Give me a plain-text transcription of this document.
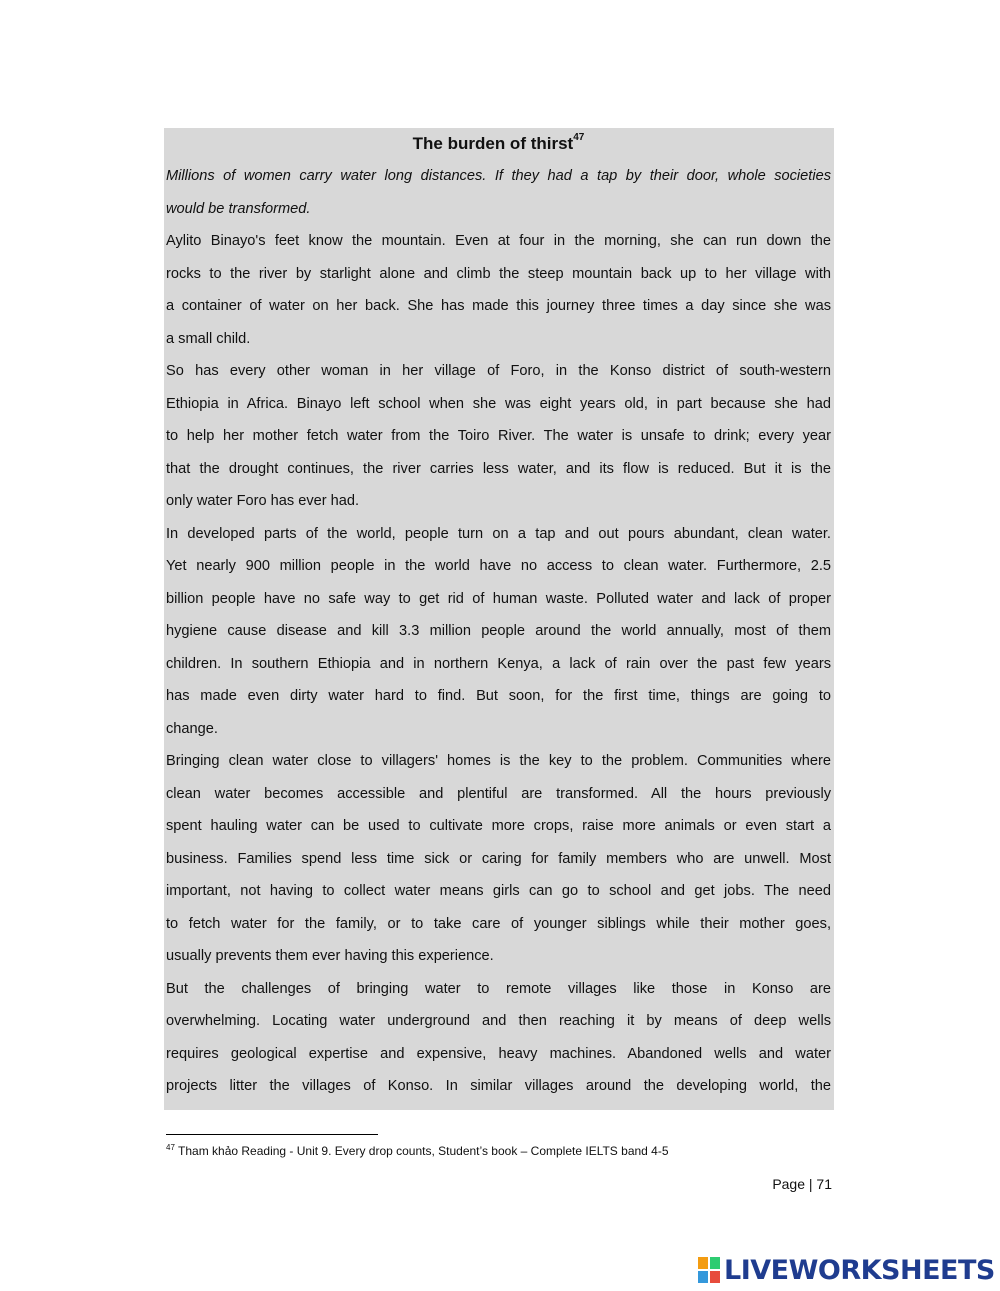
The burden of thirst$^{47}$
Millions of women carry water long distances. If they had a tap by their door, whole societies
would be transformed.
Aylito Binayo's feet know the mountain. Even at four in the morning, she can run down the
rocks to the river by starlight alone and climb the steep mountain back up to her village with
a container of water on her back. She has made this journey three times a day since she was
a small child.
So has every other woman in her village of Foro, in the Konso district of south-western
Ethiopia in Africa. Binayo left school when she was eight years old, in part because she had
to help her mother fetch water from the Toiro River. The water is unsafe to drink; every year
that the drought continues, the river carries less water, and its flow is reduced. But it is the
only water Foro has ever had.
In developed parts of the world, people turn on a tap and out pours abundant, clean water.
Yet nearly 900 million people in the world have no access to clean water. Furthermore, 2.5
billion people have no safe way to get rid of human waste. Polluted water and lack of proper
hygiene cause disease and kill 3.3 million people around the world annually, most of them
children. In southern Ethiopia and in northern Kenya, a lack of rain over the past few years
has made even dirty water hard to find. But soon, for the first time, things are going to
change.
Bringing clean water close to villagers' homes is the key to the problem. Communities where
clean water becomes accessible and plentiful are transformed. All the hours previously
spent hauling water can be used to cultivate more crops, raise more animals or even start a
business. Families spend less time sick or caring for family members who are unwell. Most
important, not having to collect water means girls can go to school and get jobs. The need
to fetch water for the family, or to take care of younger siblings while their mother goes,
usually prevents them ever having this experience.
But the challenges of bringing water to remote villages like those in Konso are
overwhelming. Locating water underground and then reaching it by means of deep wells
requires geological expertise and expensive, heavy machines. Abandoned wells and water
projects litter the villages of Konso. In similar villages around the developing world, the
$^{47}$ Tham khảo Reading - Unit 9. Every drop counts, Student’s book – Complete IELTS band 4-5
Page | 71
LIVEWORKSHEETS
